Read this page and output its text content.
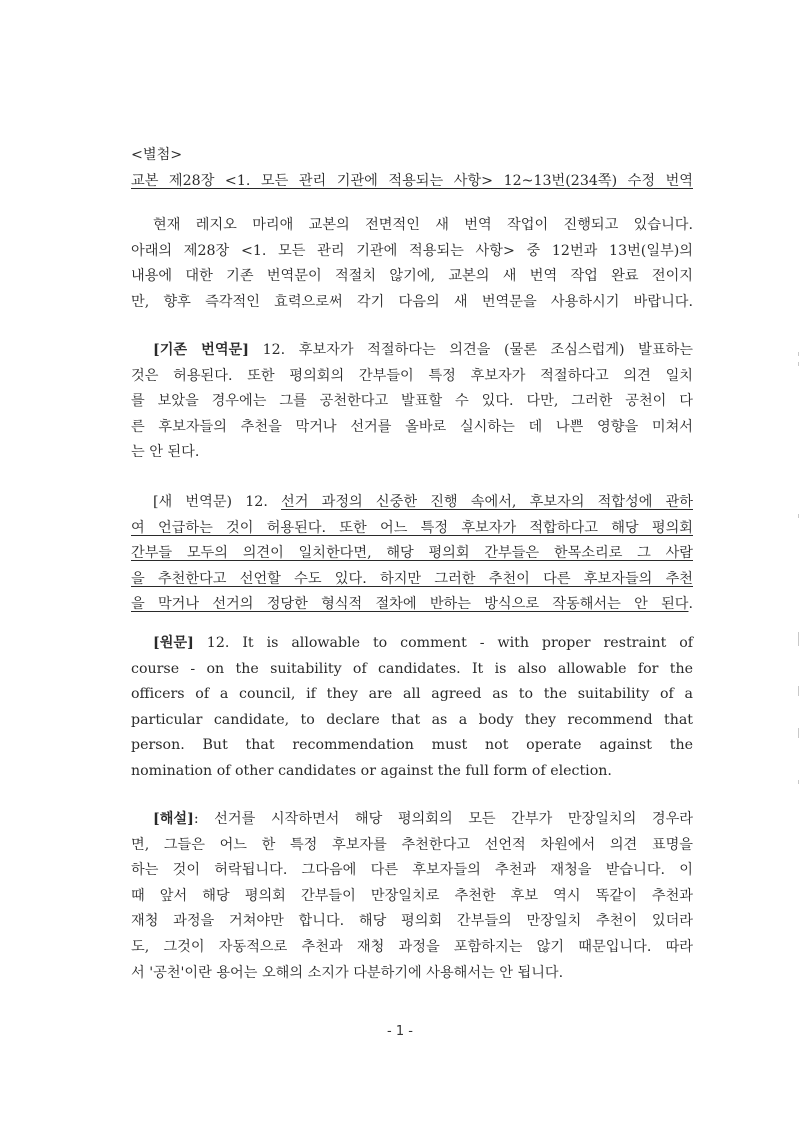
<별첨>
교본 제28장 <1. 모든 관리 기관에 적용되는 사항> 12~13번(234쪽) 수정 번역
현재 레지오 마리애 교본의 전면적인 새 번역 작업이 진행되고 있습니다.
아래의 제28장 <1. 모든 관리 기관에 적용되는 사항> 중 12번과 13번(일부)의
내용에 대한 기존 번역문이 적절치 않기에, 교본의 새 번역 작업 완료 전이지
만, 향후 즉각적인 효력으로써 각기 다음의 새 번역문을 사용하시기 바랍니다.
[기존 번역문] 12. 후보자가 적절하다는 의견을 (물론 조심스럽게) 발표하는
것은 허용된다. 또한 평의회의 간부들이 특정 후보자가 적절하다고 의견 일치
를 보았을 경우에는 그를 공천한다고 발표할 수 있다. 다만, 그러한 공천이 다
른 후보자들의 추천을 막거나 선거를 올바로 실시하는 데 나쁜 영향을 미쳐서
는 안 된다.
[새 번역문) 12. 선거 과정의 신중한 진행 속에서, 후보자의 적합성에 관하
여 언급하는 것이 허용된다. 또한 어느 특정 후보자가 적합하다고 해당 평의회
간부들 모두의 의견이 일치한다면, 해당 평의회 간부들은 한목소리로 그 사람
을 추천한다고 선언할 수도 있다. 하지만 그러한 추천이 다른 후보자들의 추천
을 막거나 선거의 정당한 형식적 절차에 반하는 방식으로 작동해서는 안 된다.
[원문] 12. It is allowable to comment - with proper restraint of
course - on the suitability of candidates. It is also allowable for the
officers of a council, if they are all agreed as to the suitability of a
particular candidate, to declare that as a body they recommend that
person. But that recommendation must not operate against the
nomination of other candidates or against the full form of election.
[해설]: 선거를 시작하면서 해당 평의회의 모든 간부가 만장일치의 경우라
면, 그들은 어느 한 특정 후보자를 추천한다고 선언적 차원에서 의견 표명을
하는 것이 허락됩니다. 그다음에 다른 후보자들의 추천과 재청을 받습니다. 이
때 앞서 해당 평의회 간부들이 만장일치로 추천한 후보 역시 똑같이 추천과
재청 과정을 거쳐야만 합니다. 해당 평의회 간부들의 만장일치 추천이 있더라
도, 그것이 자동적으로 추천과 재청 과정을 포함하지는 않기 때문입니다. 따라
서 '공천'이란 용어는 오해의 소지가 다분하기에 사용해서는 안 됩니다.
- 1 -
